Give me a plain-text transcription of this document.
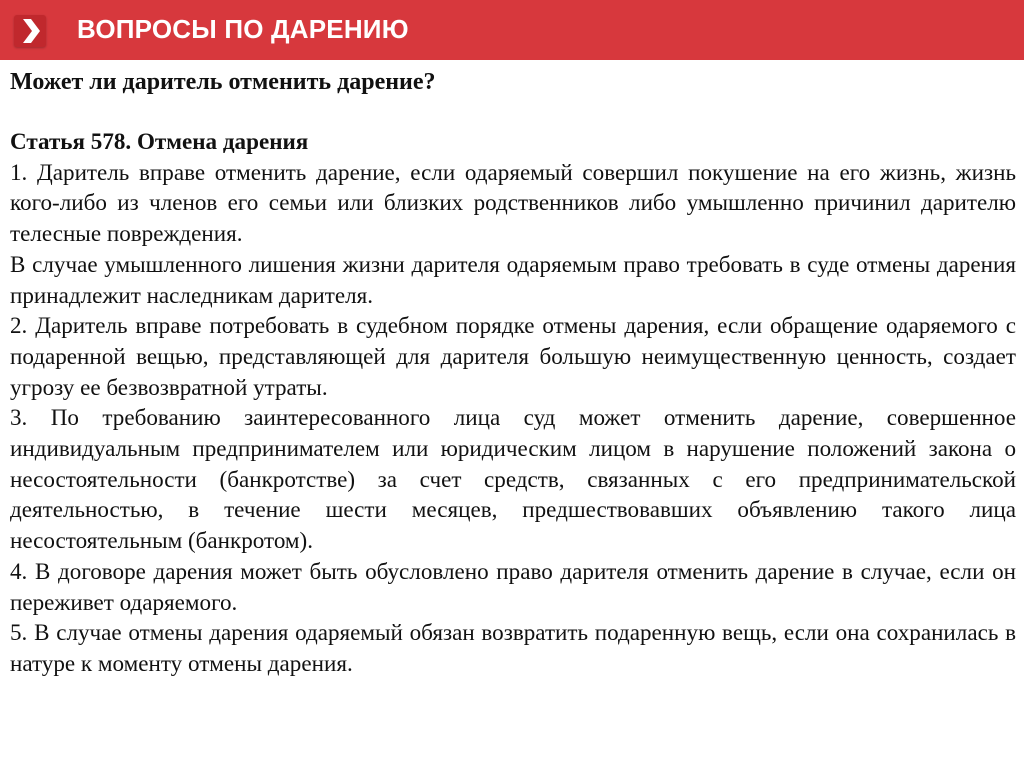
ВОПРОСЫ ПО ДАРЕНИЮ
Может ли даритель отменить дарение?
Статья 578. Отмена дарения

1. Даритель вправе отменить дарение, если одаряемый совершил покушение на его жизнь, жизнь кого-либо из членов его семьи или близких родственников либо умышленно причинил дарителю телесные повреждения.

В случае умышленного лишения жизни дарителя одаряемым право требовать в суде отмены дарения принадлежит наследникам дарителя.

2. Даритель вправе потребовать в судебном порядке отмены дарения, если обращение одаряемого с подаренной вещью, представляющей для дарителя большую неимущественную ценность, создает угрозу ее безвозвратной утраты.

3. По требованию заинтересованного лица суд может отменить дарение, совершенное индивидуальным предпринимателем или юридическим лицом в нарушение положений закона о несостоятельности (банкротстве) за счет средств, связанных с его предпринимательской деятельностью, в течение шести месяцев, предшествовавших объявлению такого лица несостоятельным (банкротом).

4. В договоре дарения может быть обусловлено право дарителя отменить дарение в случае, если он переживет одаряемого.

5. В случае отмены дарения одаряемый обязан возвратить подаренную вещь, если она сохранилась в натуре к моменту отмены дарения.
